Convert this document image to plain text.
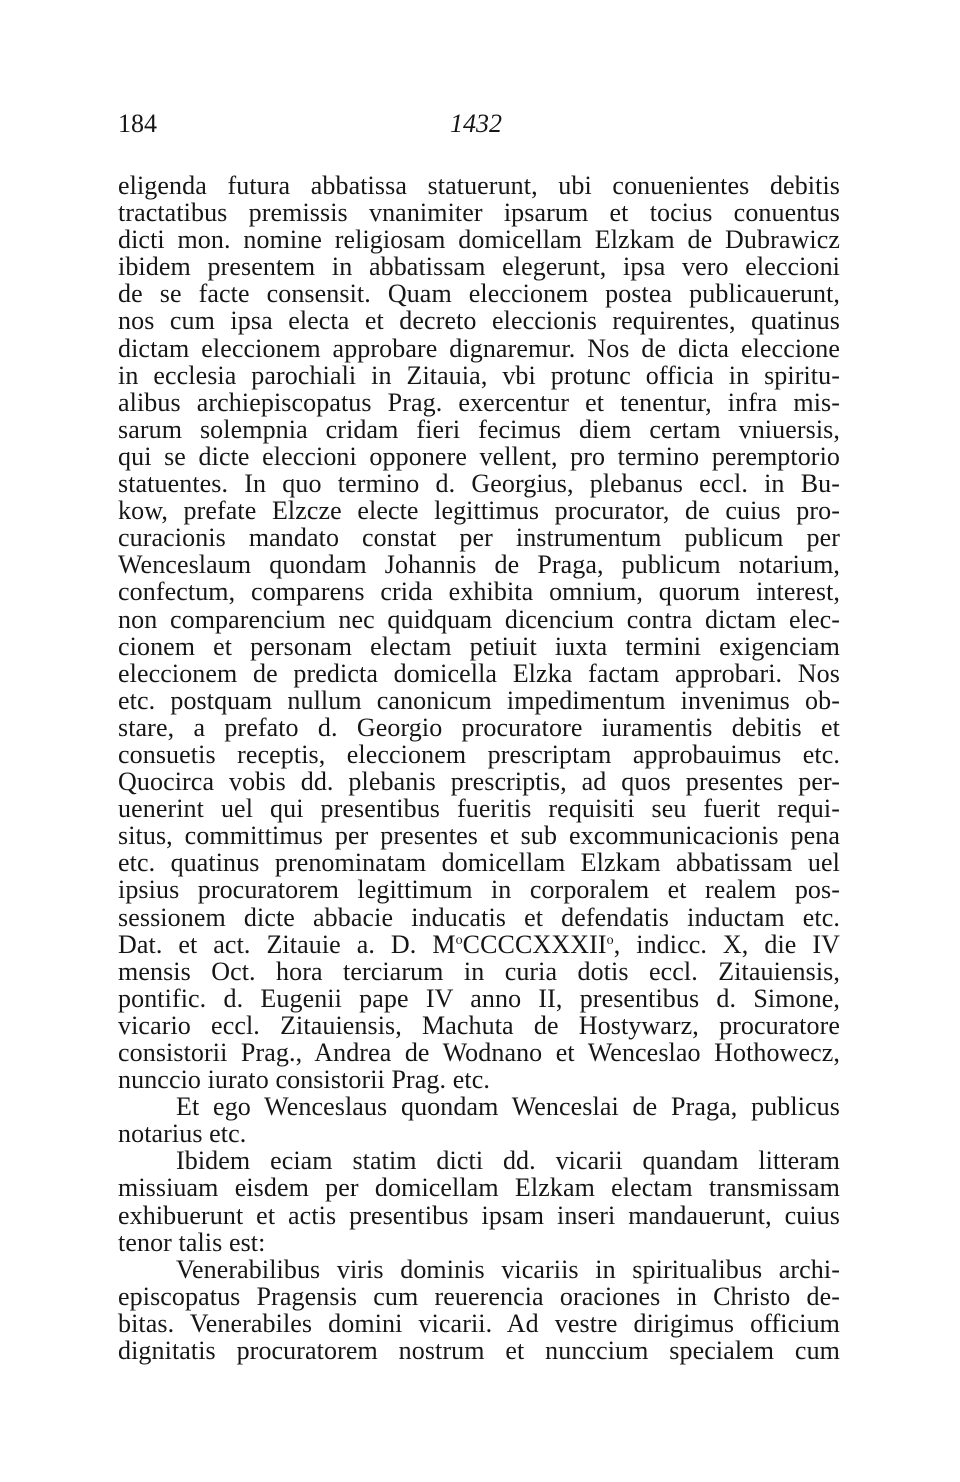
184	1432
eligenda futura abbatissa statuerunt, ubi conuenientes debitis
tractatibus premissis vnanimiter ipsarum et tocius conuentus
dicti mon. nomine religiosam domicellam Elzkam de Dubrawicz
ibidem presentem in abbatissam elegerunt, ipsa vero eleccioni
de se facte consensit. Quam eleccionem postea publicauerunt,
nos cum ipsa electa et decreto eleccionis requirentes, quatinus
dictam eleccionem approbare dignaremur. Nos de dicta eleccione
in ecclesia parochiali in Zitauia, vbi protunc officia in spiritu-
alibus archiepiscopatus Prag. exercentur et tenentur, infra mis-
sarum solempnia cridam fieri fecimus diem certam vniuersis,
qui se dicte eleccioni opponere vellent, pro termino peremptorio
statuentes. In quo termino d. Georgius, plebanus eccl. in Bu-
kow, prefate Elzcze electe legittimus procurator, de cuius pro-
curacionis mandato constat per instrumentum publicum per
Wenceslaum quondam Johannis de Praga, publicum notarium,
confectum, comparens crida exhibita omnium, quorum interest,
non comparencium nec quidquam dicencium contra dictam elec-
cionem et personam electam petiuit iuxta termini exigenciam
eleccionem de predicta domicella Elzka factam approbari. Nos
etc. postquam nullum canonicum impedimentum invenimus ob-
stare, a prefato d. Georgio procuratore iuramentis debitis et
consuetis receptis, eleccionem prescriptam approbauimus etc.
Quocirca vobis dd. plebanis prescriptis, ad quos presentes per-
uenerint uel qui presentibus fueritis requisiti seu fuerit requi-
situs, committimus per presentes et sub excommunicacionis pena
etc. quatinus prenominatam domicellam Elzkam abbatissam uel
ipsius procuratorem legittimum in corporalem et realem pos-
sessionem dicte abbacie inducatis et defendatis inductam etc.
Dat. et act. Zitauie a. D. $M^oCCCCXXXII^o$, indicc. X, die IV
mensis Oct. hora terciarum in curia dotis eccl. Zitauiensis,
pontific. d. Eugenii pape IV anno II, presentibus d. Simone,
vicario eccl. Zitauiensis, Machuta de Hostywarz, procuratore
consistorii Prag., Andrea de Wodnano et Wenceslao Hothowecz,
nunccio iurato consistorii Prag. etc.
Et ego Wenceslaus quondam Wenceslai de Praga, publicus
notarius etc.
Ibidem eciam statim dicti dd. vicarii quandam litteram
missiuam eisdem per domicellam Elzkam electam transmissam
exhibuerunt et actis presentibus ipsam inseri mandauerunt, cuius
tenor talis est:
Venerabilibus viris dominis vicariis in spiritualibus archi-
episcopatus Pragensis cum reuerencia oraciones in Christo de-
bitas. Venerabiles domini vicarii. Ad vestre dirigimus officium
dignitatis procuratorem nostrum et nunccium specialem cum
